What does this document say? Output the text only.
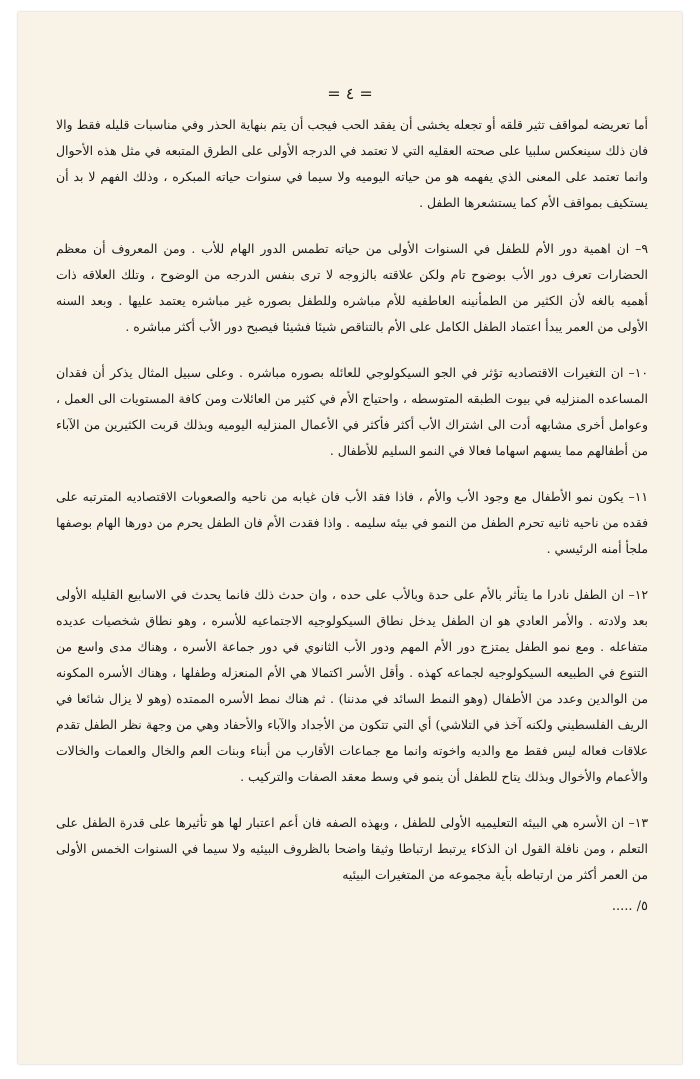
= ٤ =

أما تعريضه لمواقف تثير قلقه أو تجعله يخشى أن يفقد الحب فيجب أن يتم بنهاية الحذر وفي مناسبات قليله فقط والا فان ذلك سينعكس سلبيا على صحته العقليه التي لا تعتمد في الدرجه الأولى على الطرق المتبعه في مثل هذه الأحوال وانما تعتمد على المعنى الذي يفهمه هو من حياته اليوميه ولا سيما في سنوات حياته المبكره ، وذلك الفهم لا بد أن يستكيف بمواقف الأم كما يستشعرها الطفل .

٩– ان اهمية دور الأم للطفل في السنوات الأولى من حياته تطمس الدور الهام للأب . ومن المعروف أن معظم الحضارات تعرف دور الأب بوضوح تام ولكن علاقته بالزوجه لا ترى بنفس الدرجه من الوضوح ، وتلك العلاقه ذات أهميه بالغه لأن الكثير من الطمأنينه العاطفيه للأم مباشره وللطفل بصوره غير مباشره يعتمد عليها . وبعد السنه الأولى من العمر يبدأ اعتماد الطفل الكامل على الأم بالتناقص شيئا فشيئا فيصبح دور الأب أكثر مباشره .

١٠– ان التغيرات الاقتصاديه تؤثر في الجو السيكولوجي للعائله بصوره مباشره . وعلى سبيل المثال يذكر أن فقدان المساعده المنزليه في بيوت الطبقه المتوسطه ، واحتياج الأم في كثير من العائلات ومن كافة المستويات الى العمل ، وعوامل أخرى مشابهه أدت الى اشتراك الأب أكثر فأكثر في الأعمال المنزليه اليوميه وبذلك قربت الكثيرين من الآباء من أطفالهم مما يسهم اسهاما فعالا في النمو السليم للأطفال .

١١– يكون نمو الأطفال مع وجود الأب والأم ، فاذا فقد الأب فان غيابه من ناحيه والصعوبات الاقتصاديه المترتبه على فقده من ناحيه ثانيه تحرم الطفل من النمو في بيئه سليمه . واذا فقدت الأم فان الطفل يحرم من دورها الهام بوصفها ملجأ أمنه الرئيسي .

١٢– ان الطفل نادرا ما يتأثر بالأم على حدة وبالأب على حده ، وان حدث ذلك فانما يحدث في الاسابيع القليله الأولى بعد ولادته . والأمر العادي هو ان الطفل يدخل نطاق السيكولوجيه الاجتماعيه للأسره ، وهو نطاق شخصيات عديده متفاعله . ومع نمو الطفل يمتزج دور الأم المهم ودور الأب الثانوي في دور جماعة الأسره ، وهناك مدى واسع من التنوع في الطبيعه السيكولوجيه لجماعه كهذه . وأقل الأسر اكتمالا هي الأم المنعزله وطفلها ، وهناك الأسره المكونه من الوالدين وعدد من الأطفال (وهو النمط السائد في مدننا) . ثم هناك نمط الأسره الممتده (وهو لا يزال شائعا في الريف الفلسطيني ولكنه آخذ في التلاشي) أي التي تتكون من الأجداد والآباء والأحفاد وهي من وجهة نظر الطفل تقدم علاقات فعاله ليس فقط مع والديه واخوته وانما مع جماعات الأقارب من أبناء وبنات العم والخال والعمات والخالات والأعمام والأخوال وبذلك يتاح للطفل أن ينمو في وسط معقد الصفات والتركيب .

١٣– ان الأسره هي البيئه التعليميه الأولى للطفل ، وبهذه الصفه فان أعم اعتبار لها هو تأثيرها على قدرة الطفل على التعلم ، ومن نافلة القول ان الذكاء يرتبط ارتباطا وثيقا واضحا بالظروف البيئيه ولا سيما في السنوات الخمس الأولى من العمر أكثر من ارتباطه بأية مجموعه من المتغيرات البيئيه

..... /٥
